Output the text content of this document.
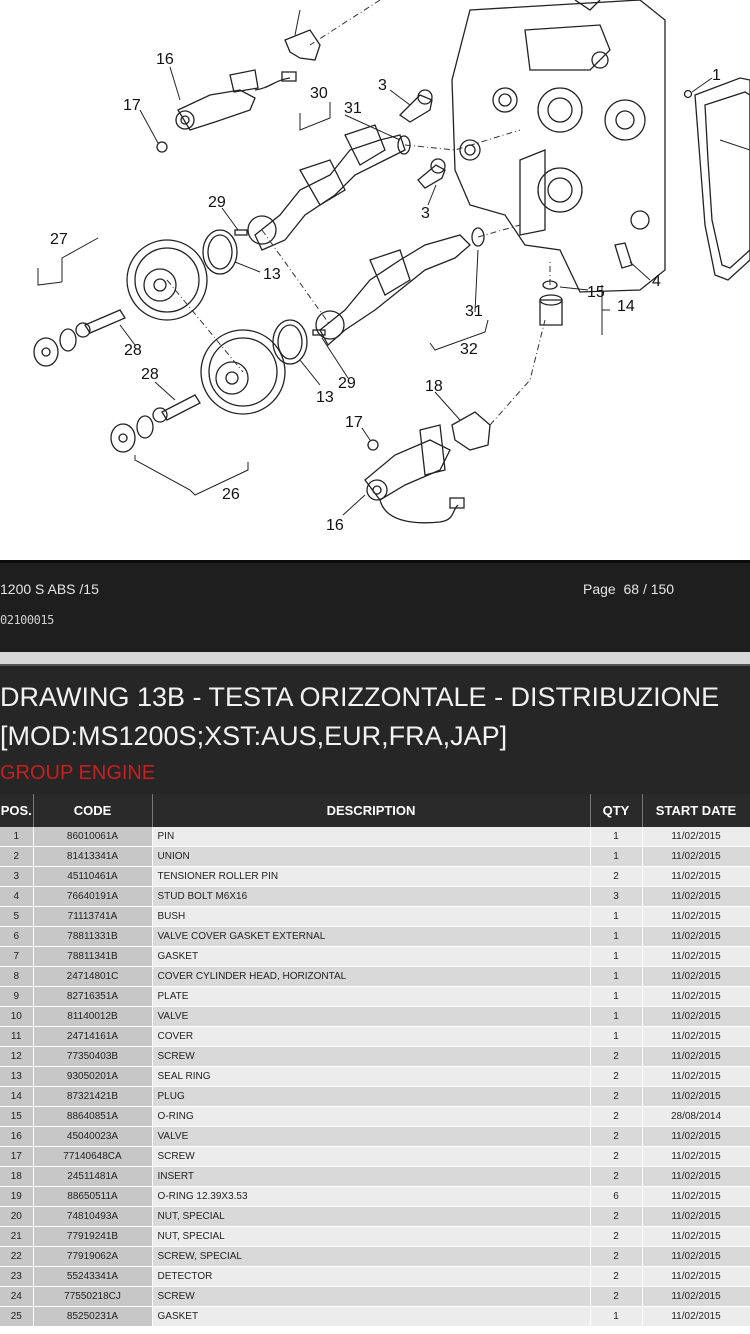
16
17
30
31
3
1
29
27
3
13	4
15
14
31
32
28
28
13
29	18
17
26
16
1200 S ABS /15
02100015
Page 68 / 150
DRAWING 13B - TESTA ORIZZONTALE - DISTRIBUZIONE
[MOD:MS1200S;XST:AUS,EUR,FRA,JAP]
GROUP ENGINE
POS.	CODE	DESCRIPTION	QTY	START DATE
1	86010061A	PIN	1	11/02/2015
2	81413341A	UNION	1	11/02/2015
3	45110461A	TENSIONER ROLLER PIN	2	11/02/2015
4	76640191A	STUD BOLT M6X16	3	11/02/2015
5	71113741A	BUSH	1	11/02/2015
6	78811331B	VALVE COVER GASKET EXTERNAL	1	11/02/2015
7	78811341B	GASKET	1	11/02/2015
8	24714801C	COVER CYLINDER HEAD, HORIZONTAL	1	11/02/2015
9	82716351A	PLATE	1	11/02/2015
10	81140012B	VALVE	1	11/02/2015
11	24714161A	COVER	1	11/02/2015
12	77350403B	SCREW	2	11/02/2015
13	93050201A	SEAL RING	2	11/02/2015
14	87321421B	PLUG	2	11/02/2015
15	88640851A	O-RING	2	28/08/2014
16	45040023A	VALVE	2	11/02/2015
17	77140648CA	SCREW	2	11/02/2015
18	24511481A	INSERT	2	11/02/2015
19	88650511A	O-RING 12.39X3.53	6	11/02/2015
20	74810493A	NUT, SPECIAL	2	11/02/2015
21	77919241B	NUT, SPECIAL	2	11/02/2015
22	77919062A	SCREW, SPECIAL	2	11/02/2015
23	55243341A	DETECTOR	2	11/02/2015
24	77550218CJ	SCREW	2	11/02/2015
25	85250231A	GASKET	1	11/02/2015
